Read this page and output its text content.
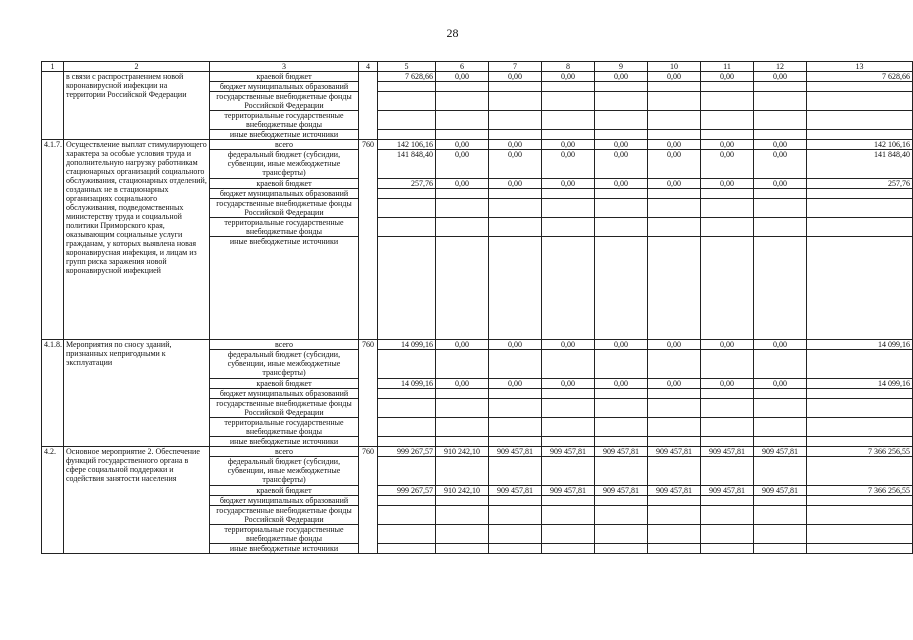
28
1	2	3	4	5	6	7	8	9	10	11	12	13
	в связи с распространением новой коронавирусной инфекции на территории Российской Федерации	краевой бюджет		7 628,66	0,00	0,00	0,00	0,00	0,00	0,00	0,00	7 628,66
		бюджет муниципальных образований										
		государственные внебюджетные фонды Российской Федерации										
		территориальные государственные внебюджетные фонды										
		иные внебюджетные источники										
4.1.7.	Осуществление выплат стимулирующего характера за особые условия труда и дополнительную нагрузку работникам стационарных организаций социального обслуживания, стационарных отделений, созданных не в стационарных организациях социального обслуживания, подведомственных министерству труда и социальной политики Приморского края, оказывающим социальные услуги гражданам, у которых выявлена новая коронавирусная инфекция, и лицам из групп риска заражения новой коронавирусной инфекцией	всего	760	142 106,16	0,00	0,00	0,00	0,00	0,00	0,00	0,00	142 106,16
		федеральный бюджет (субсидии, субвенции, иные межбюджетные трансферты)		141 848,40	0,00	0,00	0,00	0,00	0,00	0,00	0,00	141 848,40
		краевой бюджет		257,76	0,00	0,00	0,00	0,00	0,00	0,00	0,00	257,76
		бюджет муниципальных образований										
		государственные внебюджетные фонды Российской Федерации										
		территориальные государственные внебюджетные фонды										
		иные внебюджетные источники										
4.1.8.	Мероприятия по сносу зданий, признанных непригодными к эксплуатации	всего	760	14 099,16	0,00	0,00	0,00	0,00	0,00	0,00	0,00	14 099,16
		федеральный бюджет (субсидии, субвенции, иные межбюджетные трансферты)										
		краевой бюджет		14 099,16	0,00	0,00	0,00	0,00	0,00	0,00	0,00	14 099,16
		бюджет муниципальных образований										
		государственные внебюджетные фонды Российской Федерации										
		территориальные государственные внебюджетные фонды										
		иные внебюджетные источники										
4.2.	Основное мероприятие 2. Обеспечение функций государственного органа в сфере социальной поддержки и содействия занятости населения	всего	760	999 267,57	910 242,10	909 457,81	909 457,81	909 457,81	909 457,81	909 457,81	909 457,81	7 366 256,55
		федеральный бюджет (субсидии, субвенции, иные межбюджетные трансферты)										
		краевой бюджет		999 267,57	910 242,10	909 457,81	909 457,81	909 457,81	909 457,81	909 457,81	909 457,81	7 366 256,55
		бюджет муниципальных образований										
		государственные внебюджетные фонды Российской Федерации										
		территориальные государственные внебюджетные фонды										
		иные внебюджетные источники										
